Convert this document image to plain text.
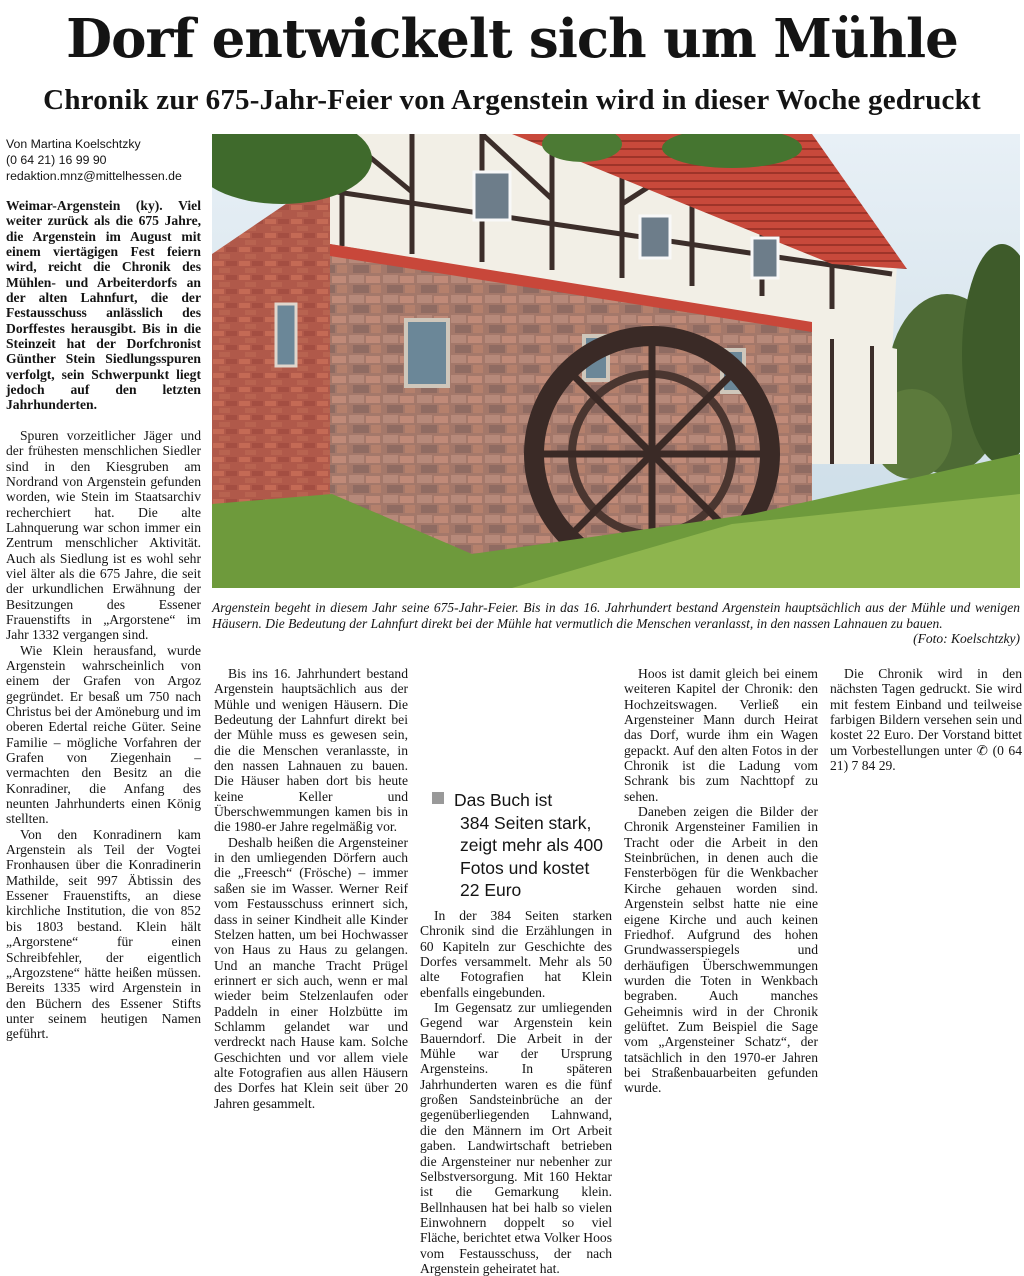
Dorf entwickelt sich um Mühle
Chronik zur 675-Jahr-Feier von Argenstein wird in dieser Woche gedruckt
Von Martina Koelschtzky
(0 64 21) 16 99 90
redaktion.mnz@mittelhessen.de

Weimar-Argenstein (ky). Viel weiter zurück als die 675 Jahre, die Argenstein im August mit einem viertägigen Fest feiern wird, reicht die Chronik des Mühlen- und Arbeiterdorfs an der alten Lahnfurt, die der Festausschuss anlässlich des Dorffestes herausgibt. Bis in die Steinzeit hat der Dorfchronist Günther Stein Siedlungsspuren verfolgt, sein Schwerpunkt liegt jedoch auf den letzten Jahrhunderten.

Spuren vorzeitlicher Jäger und der frühesten menschlichen Siedler sind in den Kiesgruben am Nordrand von Argenstein gefunden worden, wie Stein im Staatsarchiv recherchiert hat. Die alte Lahnquerung war schon immer ein Zentrum menschlicher Aktivität. Auch als Siedlung ist es wohl sehr viel älter als die 675 Jahre, die seit der urkundlichen Erwähnung der Besitzungen des Essener Frauenstifts in „Argorstene“ im Jahr 1332 vergangen sind.

Wie Klein herausfand, wurde Argenstein wahrscheinlich von einem der Grafen von Argoz gegründet. Er besaß um 750 nach Christus bei der Amöneburg und im oberen Edertal reiche Güter. Seine Familie – mögliche Vorfahren der Grafen von Ziegenhain – vermachten den Besitz an die Konradiner, die Anfang des neunten Jahrhunderts einen König stellten.

Von den Konradinern kam Argenstein als Teil der Vogtei Fronhausen über die Konradinerin Mathilde, seit 997 Äbtissin des Essener Frauenstifts, an diese kirchliche Institution, die von 852 bis 1803 bestand. Klein hält „Argorstene“ für einen Schreibfehler, der eigentlich „Argozstene“ hätte heißen müssen. Bereits 1335 wird Argenstein in den Büchern des Essener Stifts unter seinem heutigen Namen geführt.

Argenstein begeht in diesem Jahr seine 675-Jahr-Feier. Bis in das 16. Jahrhundert bestand Argenstein hauptsächlich aus der Mühle und wenigen Häusern. Die Bedeutung der Lahnfurt direkt bei der Mühle hat vermutlich die Menschen veranlasst, in den nassen Lahnauen zu bauen.
(Foto: Koelschtzky)

Bis ins 16. Jahrhundert bestand Argenstein hauptsächlich aus der Mühle und wenigen Häusern. Die Bedeutung der Lahnfurt direkt bei der Mühle muss es gewesen sein, die die Menschen veranlasste, in den nassen Lahnauen zu bauen. Die Häuser haben dort bis heute keine Keller und Überschwemmungen kamen bis in die 1980-er Jahre regelmäßig vor.

Deshalb heißen die Argensteiner in den umliegenden Dörfern auch die „Freesch“ (Frösche) – immer saßen sie im Wasser. Werner Reif vom Festausschuss erinnert sich, dass in seiner Kindheit alle Kinder Stelzen hatten, um bei Hochwasser von Haus zu Haus zu gelangen. Und an manche Tracht Prügel erinnert er sich auch, wenn er mal wieder beim Stelzenlaufen oder Paddeln in einer Holzbütte im Schlamm gelandet war und verdreckt nach Hause kam. Solche Geschichten und vor allem viele alte Fotografien aus allen Häusern des Dorfes hat Klein seit über 20 Jahren gesammelt.

Das Buch ist
384 Seiten stark, zeigt mehr als 400 Fotos und kostet 22 Euro

In der 384 Seiten starken Chronik sind die Erzählungen in 60 Kapiteln zur Geschichte des Dorfes versammelt. Mehr als 50 alte Fotografien hat Klein ebenfalls eingebunden.

Im Gegensatz zur umliegenden Gegend war Argenstein kein Bauerndorf. Die Arbeit in der Mühle war der Ursprung Argensteins. In späteren Jahrhunderten waren es die fünf großen Sandsteinbrüche an der gegenüberliegenden Lahnwand, die den Männern im Ort Arbeit gaben. Landwirtschaft betrieben die Argensteiner nur nebenher zur Selbstversorgung. Mit 160 Hektar ist die Gemarkung klein. Bellnhausen hat bei halb so vielen Einwohnern doppelt so viel Fläche, berichtet etwa Volker Hoos vom Festausschuss, der nach Argenstein geheiratet hat.

Hoos ist damit gleich bei einem weiteren Kapitel der Chronik: den Hochzeitswagen. Verließ ein Argensteiner Mann durch Heirat das Dorf, wurde ihm ein Wagen gepackt. Auf den alten Fotos in der Chronik ist die Ladung vom Schrank bis zum Nachttopf zu sehen.

Daneben zeigen die Bilder der Chronik Argensteiner Familien in Tracht oder die Arbeit in den Steinbrüchen, in denen auch die Fensterbögen für die Wenkbacher Kirche gehauen worden sind. Argenstein selbst hatte nie eine eigene Kirche und auch keinen Friedhof. Aufgrund des hohen Grundwasserspiegels und derhäufigen Überschwemmungen wurden die Toten in Wenkbach begraben. Auch manches Geheimnis wird in der Chronik gelüftet. Zum Beispiel die Sage vom „Argensteiner Schatz“, der tatsächlich in den 1970-er Jahren bei Straßenbauarbeiten gefunden wurde.

Die Chronik wird in den nächsten Tagen gedruckt. Sie wird mit festem Einband und teilweise farbigen Bildern versehen sein und kostet 22 Euro. Der Vorstand bittet um Vorbestellungen unter ✆ (0 64 21) 7 84 29.
